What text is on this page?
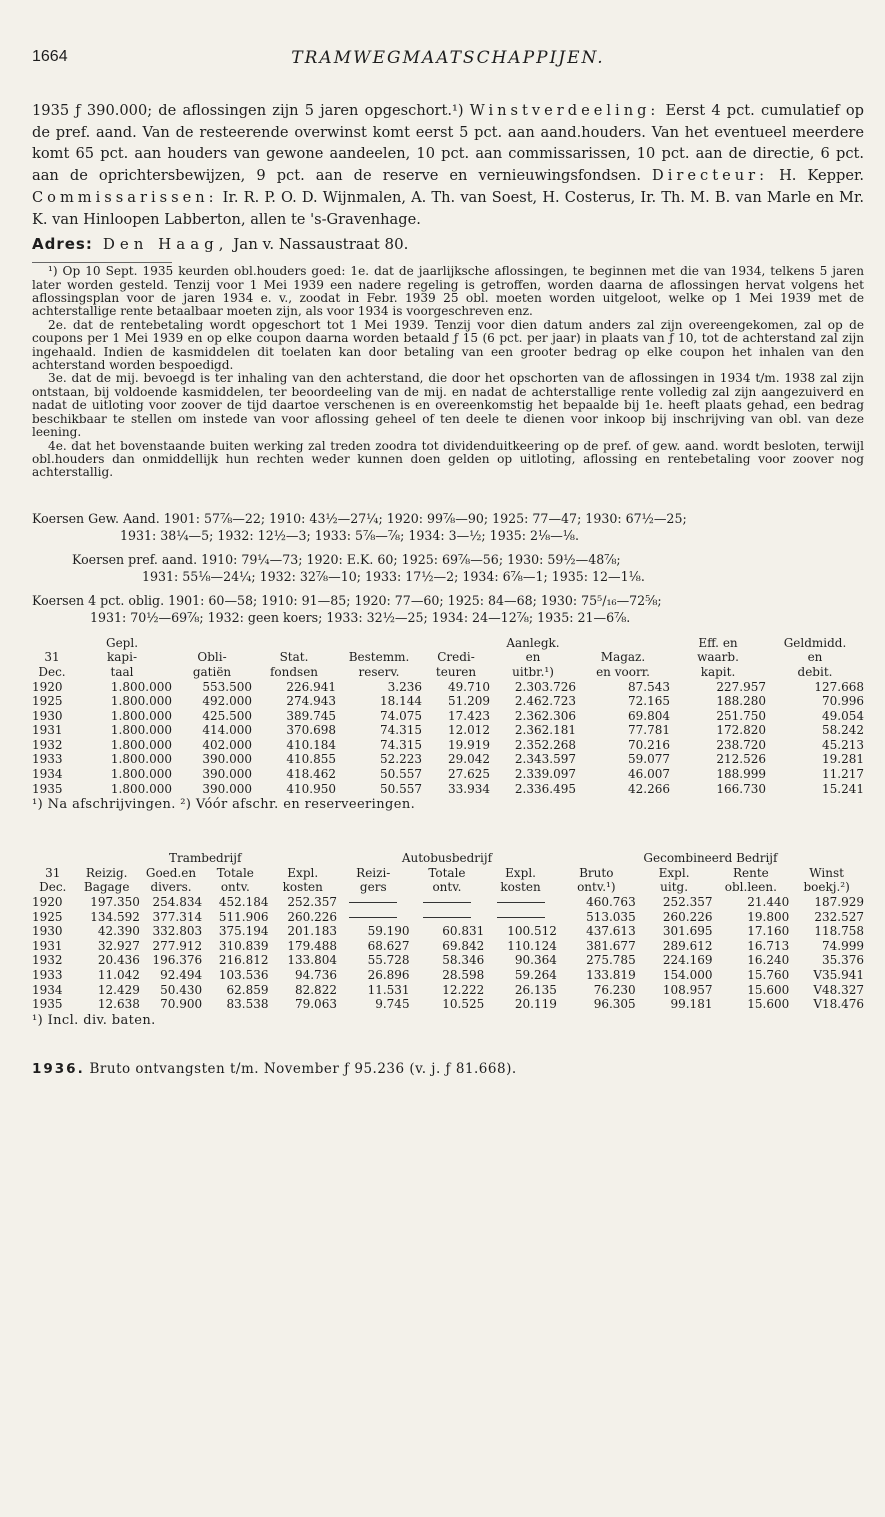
1664	TRAMWEGMAATSCHAPPIJEN.
1935 ƒ 390.000; de aflossingen zijn 5 jaren opgeschort.¹) Winstverdeeling: Eerst 4 pct. cumulatief op de pref. aand. Van de resteerende overwinst komt eerst 5 pct. aan aand.houders. Van het eventueel meerdere komt 65 pct. aan houders van gewone aandeelen, 10 pct. aan commissarissen, 10 pct. aan de directie, 6 pct. aan de oprichtersbewijzen, 9 pct. aan de reserve en vernieuwingsfondsen. Directeur: H. Kepper. Commissarissen: Ir. R. P. O. D. Wijnmalen, A. Th. van Soest, H. Costerus, Ir. Th. M. B. van Marle en Mr. K. van Hinloopen Labberton, allen te 's-Gravenhage.
Adres: Den Haag, Jan v. Nassaustraat 80.

¹) Op 10 Sept. 1935 keurden obl.houders goed: 1e. dat de jaarlijksche aflossingen, te beginnen met die van 1934, telkens 5 jaren later worden gesteld. Tenzij voor 1 Mei 1939 een nadere regeling is getroffen, worden daarna de aflossingen hervat volgens het aflossingsplan voor de jaren 1934 e. v., zoodat in Febr. 1939 25 obl. moeten worden uitgeloot, welke op 1 Mei 1939 met de achterstallige rente betaalbaar moeten zijn, als voor 1934 is voorgeschreven enz.

2e. dat de rentebetaling wordt opgeschort tot 1 Mei 1939. Tenzij voor dien datum anders zal zijn overeengekomen, zal op de coupons per 1 Mei 1939 en op elke coupon daarna worden betaald ƒ 15 (6 pct. per jaar) in plaats van ƒ 10, tot de achterstand zal zijn ingehaald. Indien de kasmiddelen dit toelaten kan door betaling van een grooter bedrag op elke coupon het inhalen van den achterstand worden bespoedigd.

3e. dat de mij. bevoegd is ter inhaling van den achterstand, die door het opschorten van de aflossingen in 1934 t/m. 1938 zal zijn ontstaan, bij voldoende kasmiddelen, ter beoordeeling van de mij. en nadat de achterstallige rente volledig zal zijn aangezuiverd en nadat de uitloting voor zoover de tijd daartoe verschenen is en overeenkomstig het bepaalde bij 1e. heeft plaats gehad, een bedrag beschikbaar te stellen om instede van voor aflossing geheel of ten deele te dienen voor inkoop bij inschrijving van obl. van deze leening.

4e. dat het bovenstaande buiten werking zal treden zoodra tot dividenduitkeering op de pref. of gew. aand. wordt besloten, terwijl obl.houders dan onmiddellijk hun rechten weder kunnen doen gelden op uitloting, aflossing en rentebetaling voor zoover nog achterstallig.

Koersen Gew. Aand. 1901: 57⅞—22; 1910: 43½—27¼; 1920: 99⅞—90; 1925: 77—47; 1930: 67½—25;

1931: 38¼—5; 1932: 12½—3; 1933: 5⅞—⅞; 1934: 3—½; 1935: 2⅛—⅛.

Koersen pref. aand. 1910: 79¼—73; 1920: E.K. 60; 1925: 69⅞—56; 1930: 59½—48⅞;

1931: 55⅛—24¼; 1932: 32⅞—10; 1933: 17½—2; 1934: 6⅞—1; 1935: 12—1⅛.

Koersen 4 pct. oblig. 1901: 60—58; 1910: 91—85; 1920: 77—60; 1925: 84—68; 1930: 75⁵/₁₆—72⅝;

1931: 70½—69⅞; 1932: geen koers; 1933: 32½—25; 1934: 24—12⅞; 1935: 21—6⅞.

	Gepl.					Aanlegk.		Eff. en	Geldmidd.
31	kapi-	Obli-	Stat.	Bestemm.	Credi-	en	Magaz.	waarb.	en
Dec.	taal	gatiën	fondsen	reserv.	teuren	uitbr.¹)	en voorr.	kapit.	debit.
1920	1.800.000	553.500	226.941	3.236	49.710	2.303.726	87.543	227.957	127.668
1925	1.800.000	492.000	274.943	18.144	51.209	2.462.723	72.165	188.280	70.996
1930	1.800.000	425.500	389.745	74.075	17.423	2.362.306	69.804	251.750	49.054
1931	1.800.000	414.000	370.698	74.315	12.012	2.362.181	77.781	172.820	58.242
1932	1.800.000	402.000	410.184	74.315	19.919	2.352.268	70.216	238.720	45.213
1933	1.800.000	390.000	410.855	52.223	29.042	2.343.597	59.077	212.526	19.281
1934	1.800.000	390.000	418.462	50.557	27.625	2.339.097	46.007	188.999	11.217
1935	1.800.000	390.000	410.950	50.557	33.934	2.336.495	42.266	166.730	15.241
¹) Na afschrijvingen. ²) Vóór afschr. en reserveeringen.
	Trambedrijf				Autobusbedrijf			Gecombineerd Bedrijf			
31	Reizig.	Goed.en	Totale	Expl.	Reizi-	Totale	Expl.	Bruto	Expl.	Rente	Winst
Dec.	Bagage	divers.	ontv.	kosten	gers	ontv.	kosten	ontv.¹)	uitg.	obl.leen.	boekj.²)
1920	197.350	254.834	452.184	252.357				460.763	252.357	21.440	187.929
1925	134.592	377.314	511.906	260.226				513.035	260.226	19.800	232.527
1930	42.390	332.803	375.194	201.183	59.190	60.831	100.512	437.613	301.695	17.160	118.758
1931	32.927	277.912	310.839	179.488	68.627	69.842	110.124	381.677	289.612	16.713	74.999
1932	20.436	196.376	216.812	133.804	55.728	58.346	90.364	275.785	224.169	16.240	35.376
1933	11.042	92.494	103.536	94.736	26.896	28.598	59.264	133.819	154.000	15.760	V35.941
1934	12.429	50.430	62.859	82.822	11.531	12.222	26.135	76.230	108.957	15.600	V48.327
1935	12.638	70.900	83.538	79.063	9.745	10.525	20.119	96.305	99.181	15.600	V18.476
¹) Incl. div. baten.
1936. Bruto ontvangsten t/m. November ƒ 95.236 (v. j. ƒ 81.668).
